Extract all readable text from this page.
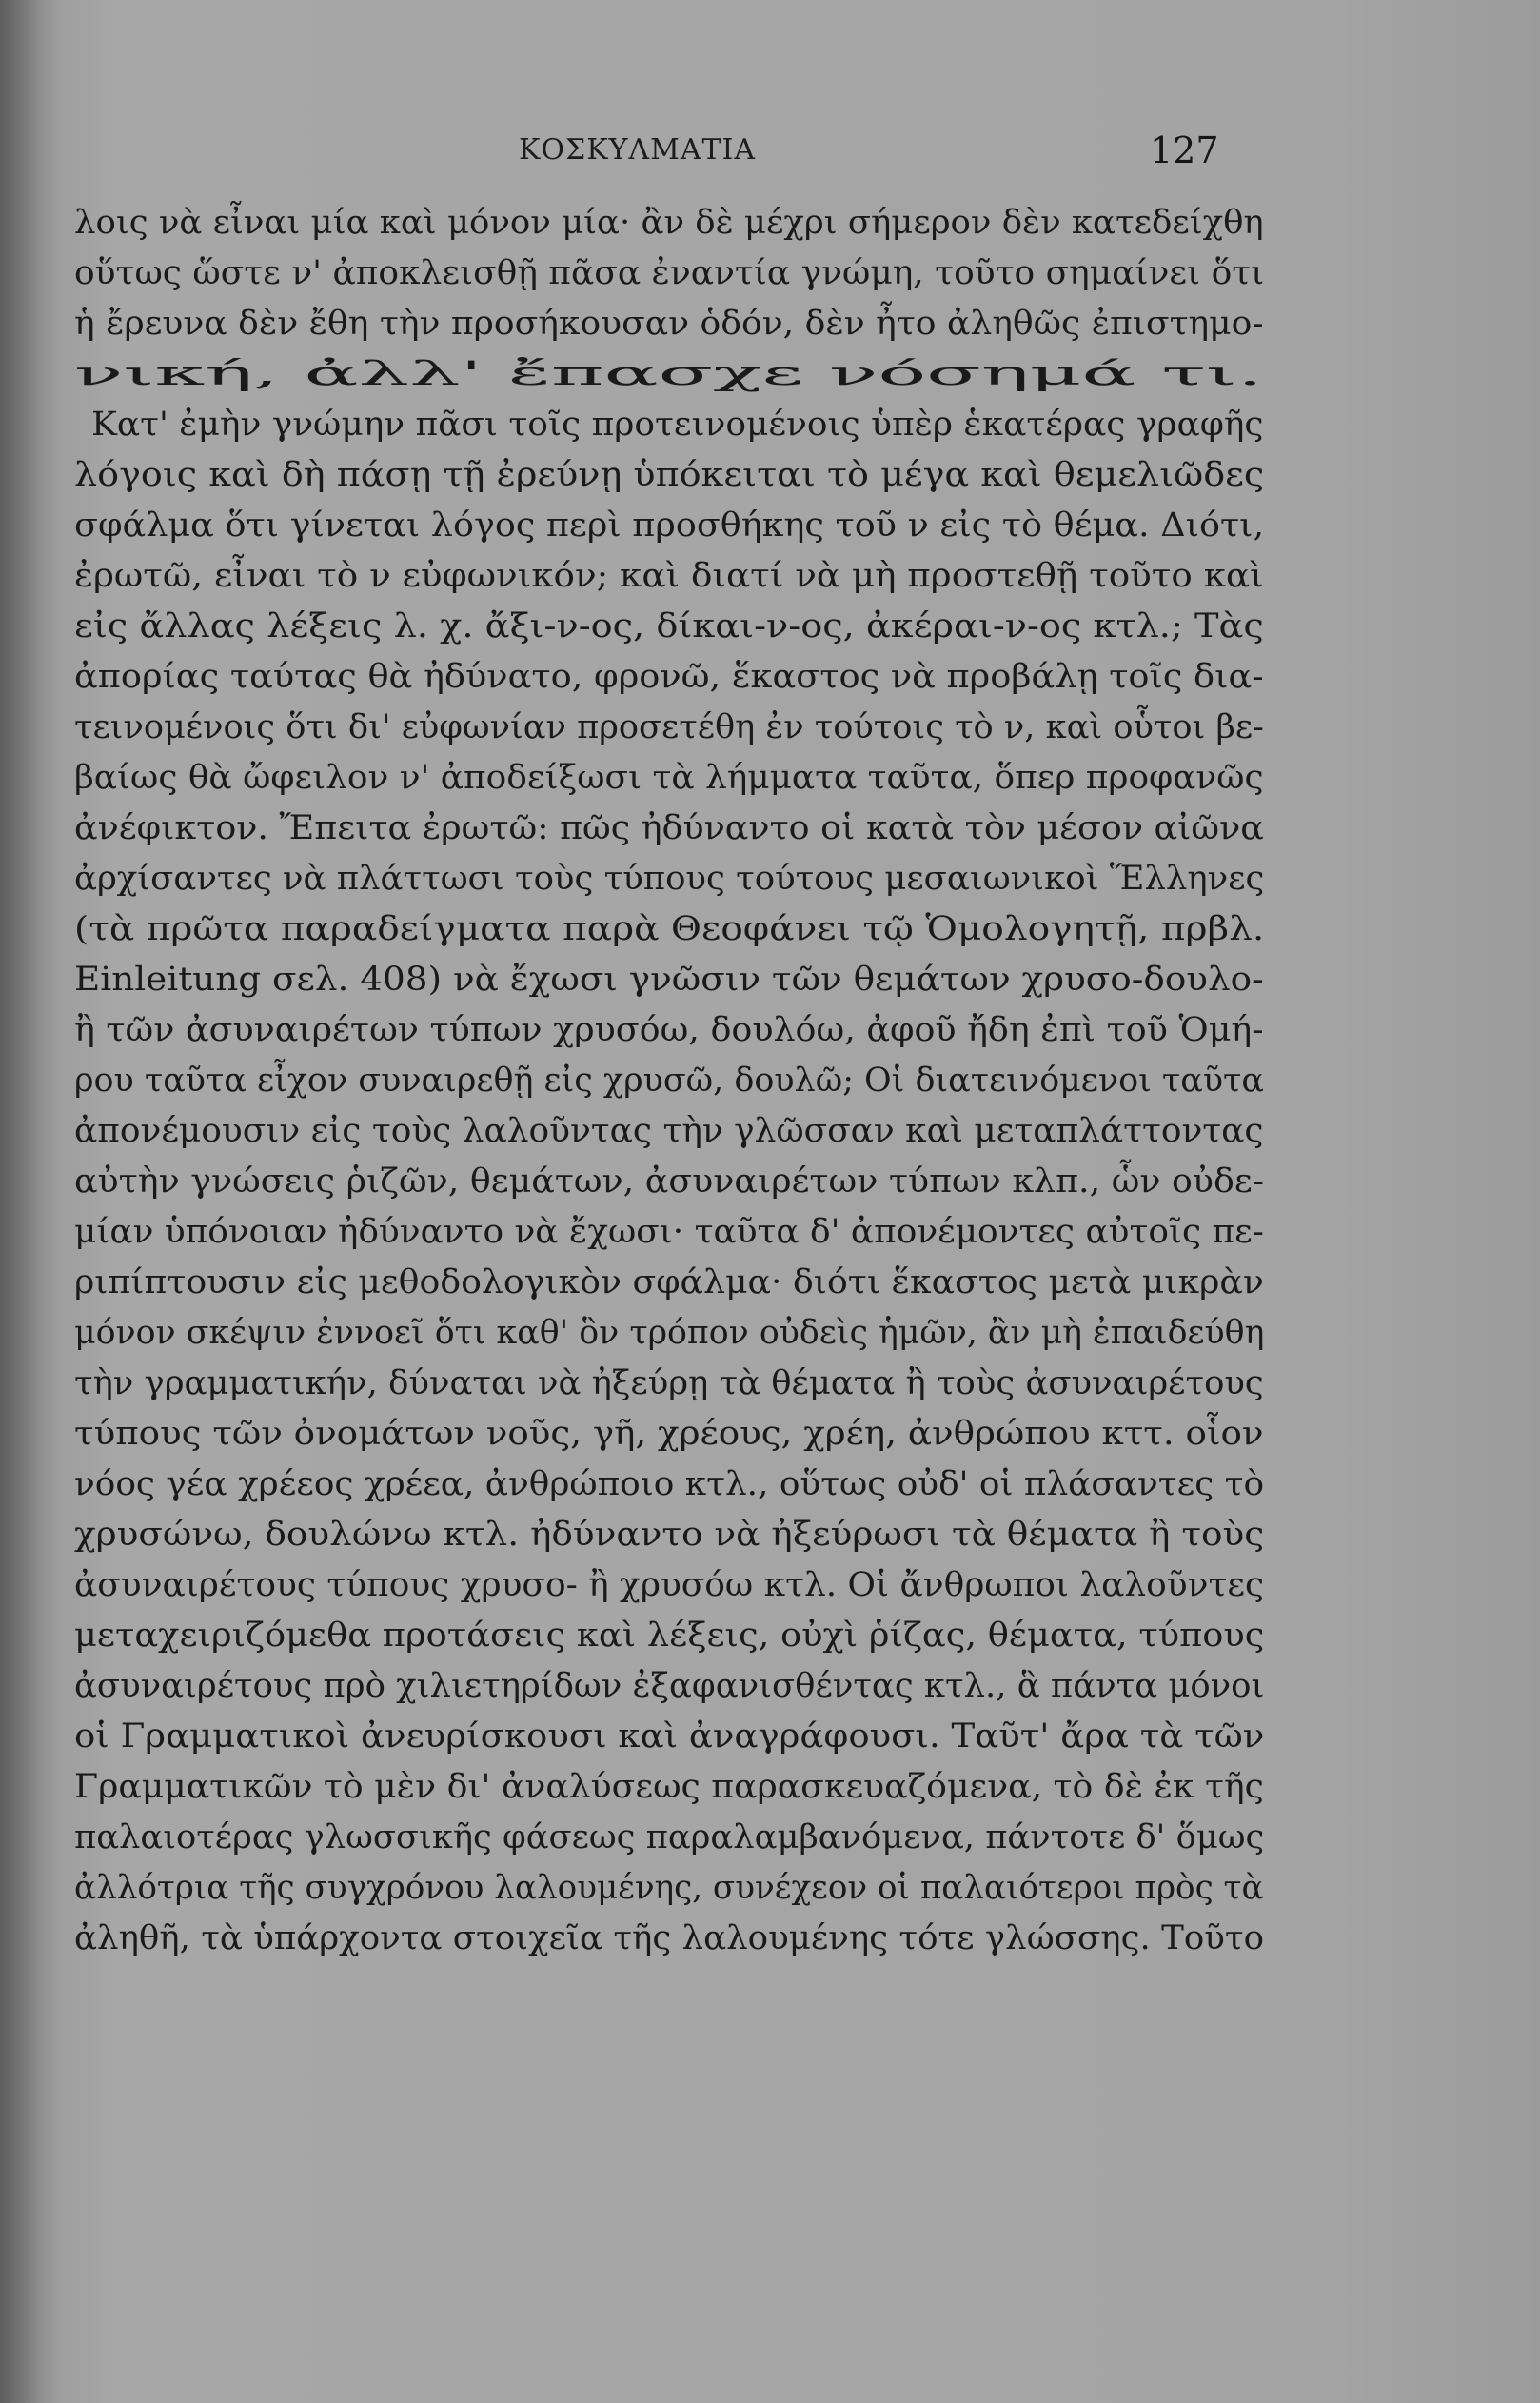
ΚΟΣΚΥΛΜΑΤΙΑ	127
λοις νὰ εἶναι μία καὶ μόνον μία· ἂν δὲ μέχρι σήμερον δὲν κατεδείχθη
οὕτως ὥστε ν' ἀποκλεισθῇ πᾶσα ἐναντία γνώμη, τοῦτο σημαίνει ὅτι
ἡ ἔρευνα δὲν ἔθη τὴν προσήκουσαν ὁδόν, δὲν ἦτο ἀληθῶς ἐπιστημο-
νική, ἀλλ' ἔπασχε νόσημά τι.
Κατ' ἐμὴν γνώμην πᾶσι τοῖς προτεινομένοις ὑπὲρ ἑκατέρας γραφῆς
λόγοις καὶ δὴ πάσῃ τῇ ἐρεύνῃ ὑπόκειται τὸ μέγα καὶ θεμελιῶδες
σφάλμα ὅτι γίνεται λόγος περὶ προσθήκης τοῦ ν εἰς τὸ θέμα. Διότι,
ἐρωτῶ, εἶναι τὸ ν εὐφωνικόν; καὶ διατί νὰ μὴ προστεθῇ τοῦτο καὶ
εἰς ἄλλας λέξεις λ. χ. ἄξι-ν-ος, δίκαι-ν-ος, ἀκέραι-ν-ος κτλ.; Τὰς
ἀπορίας ταύτας θὰ ἠδύνατο, φρονῶ, ἕκαστος νὰ προβάλῃ τοῖς δια-
τεινομένοις ὅτι δι' εὐφωνίαν προσετέθη ἐν τούτοις τὸ ν, καὶ οὗτοι βε-
βαίως θὰ ὤφειλον ν' ἀποδείξωσι τὰ λήμματα ταῦτα, ὅπερ προφανῶς
ἀνέφικτον. Ἔπειτα ἐρωτῶ: πῶς ἠδύναντο οἱ κατὰ τὸν μέσον αἰῶνα
ἀρχίσαντες νὰ πλάττωσι τοὺς τύπους τούτους μεσαιωνικοὶ Ἕλληνες
(τὰ πρῶτα παραδείγματα παρὰ Θεοφάνει τῷ Ὁμολογητῇ, πρβλ.
Einleitung σελ. 408) νὰ ἔχωσι γνῶσιν τῶν θεμάτων χρυσο-δουλο-
ἢ τῶν ἀσυναιρέτων τύπων χρυσόω, δουλόω, ἀφοῦ ἤδη ἐπὶ τοῦ Ὁμή-
ρου ταῦτα εἶχον συναιρεθῇ εἰς χρυσῶ, δουλῶ; Οἱ διατεινόμενοι ταῦτα
ἀπονέμουσιν εἰς τοὺς λαλοῦντας τὴν γλῶσσαν καὶ μεταπλάττοντας
αὐτὴν γνώσεις ῥιζῶν, θεμάτων, ἀσυναιρέτων τύπων κλπ., ὧν οὐδε-
μίαν ὑπόνοιαν ἠδύναντο νὰ ἔχωσι· ταῦτα δ' ἀπονέμοντες αὐτοῖς πε-
ριπίπτουσιν εἰς μεθοδολογικὸν σφάλμα· διότι ἕκαστος μετὰ μικρὰν
μόνον σκέψιν ἐννοεῖ ὅτι καθ' ὃν τρόπον οὐδεὶς ἡμῶν, ἂν μὴ ἐπαιδεύθη
τὴν γραμματικήν, δύναται νὰ ἠξεύρῃ τὰ θέματα ἢ τοὺς ἀσυναιρέτους
τύπους τῶν ὀνομάτων νοῦς, γῆ, χρέους, χρέη, ἀνθρώπου κττ. οἷον
νόος γέα χρέεος χρέεα, ἀνθρώποιο κτλ., οὕτως οὐδ' οἱ πλάσαντες τὸ
χρυσώνω, δουλώνω κτλ. ἠδύναντο νὰ ἠξεύρωσι τὰ θέματα ἢ τοὺς
ἀσυναιρέτους τύπους χρυσο- ἢ χρυσόω κτλ. Οἱ ἄνθρωποι λαλοῦντες
μεταχειριζόμεθα προτάσεις καὶ λέξεις, οὐχὶ ῥίζας, θέματα, τύπους
ἀσυναιρέτους πρὸ χιλιετηρίδων ἐξαφανισθέντας κτλ., ἃ πάντα μόνοι
οἱ Γραμματικοὶ ἀνευρίσκουσι καὶ ἀναγράφουσι. Ταῦτ' ἄρα τὰ τῶν
Γραμματικῶν τὸ μὲν δι' ἀναλύσεως παρασκευαζόμενα, τὸ δὲ ἐκ τῆς
παλαιοτέρας γλωσσικῆς φάσεως παραλαμβανόμενα, πάντοτε δ' ὅμως
ἀλλότρια τῆς συγχρόνου λαλουμένης, συνέχεον οἱ παλαιότεροι πρὸς τὰ
ἀληθῆ, τὰ ὑπάρχοντα στοιχεῖα τῆς λαλουμένης τότε γλώσσης. Τοῦτο
